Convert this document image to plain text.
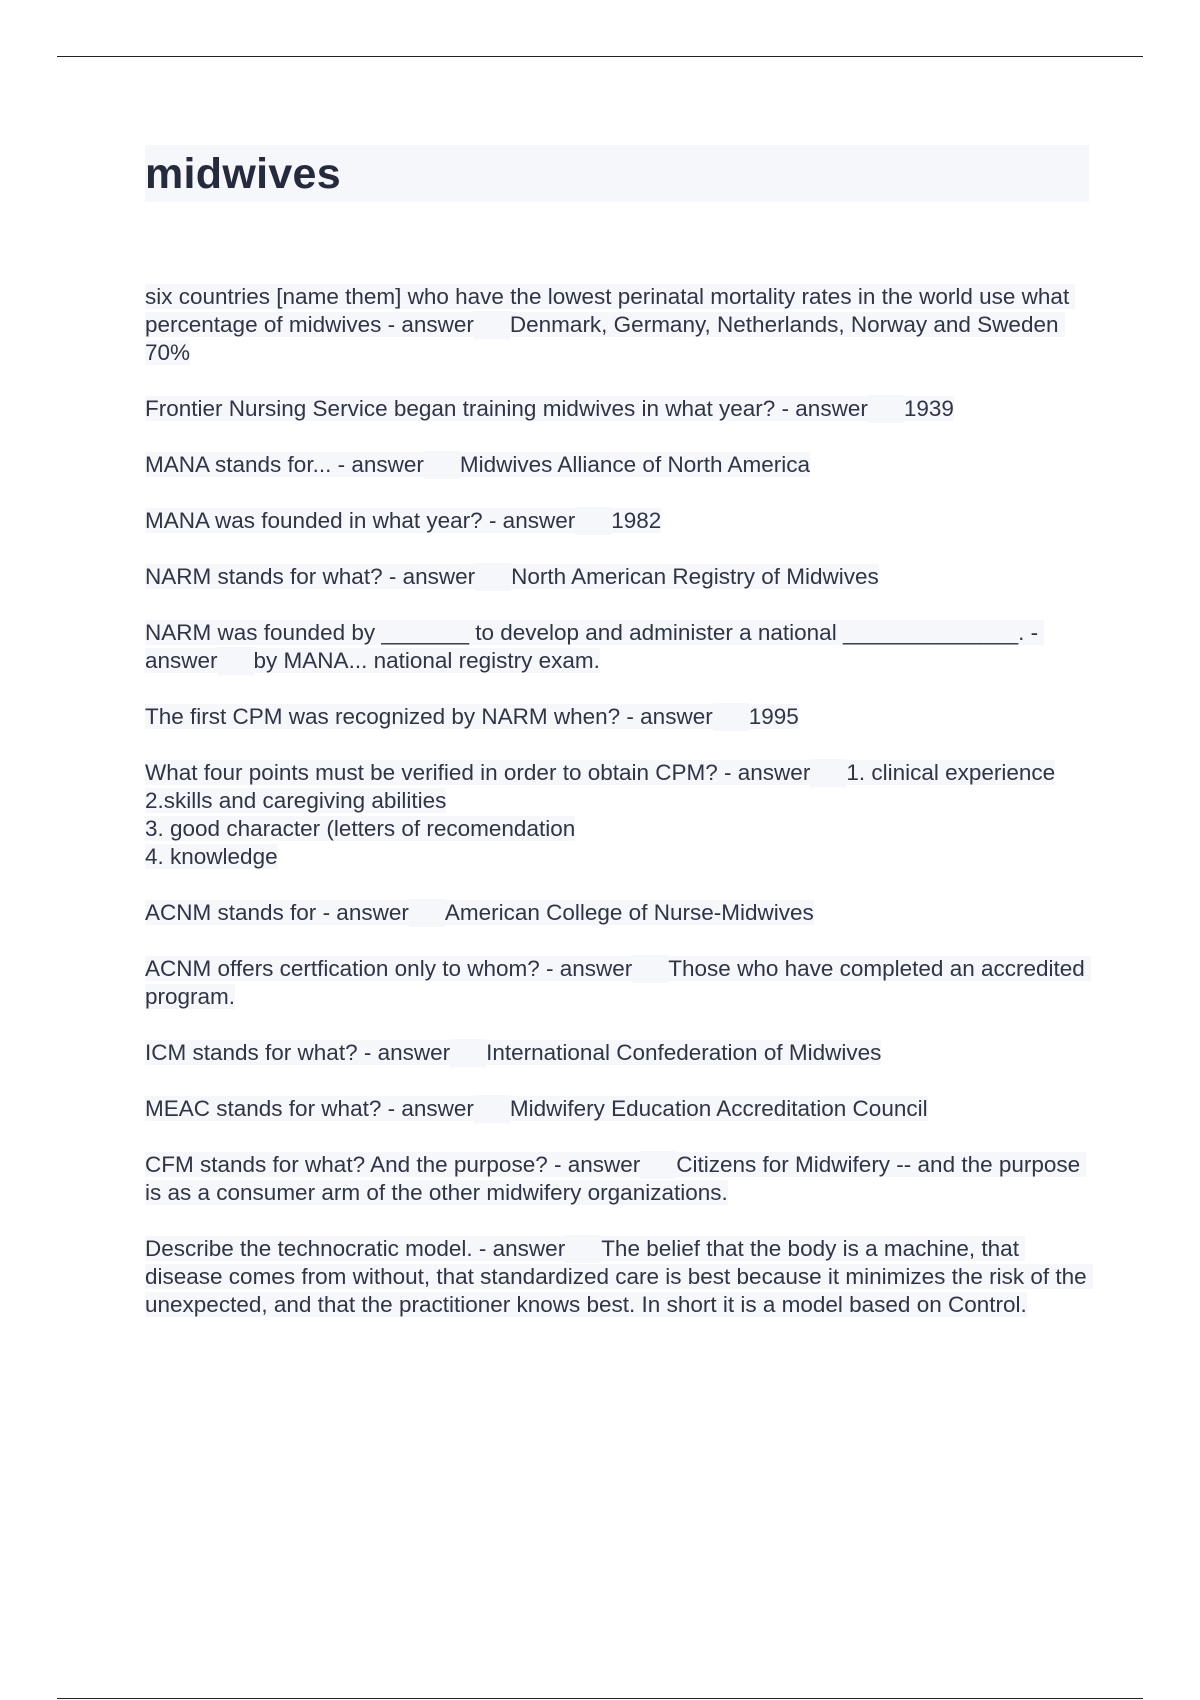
midwives

six countries [name them] who have the lowest perinatal mortality rates in the world use what percentage of midwives - answer Denmark, Germany, Netherlands, Norway and Sweden 70%

Frontier Nursing Service began training midwives in what year? - answer 1939

MANA stands for... - answer Midwives Alliance of North America

MANA was founded in what year? - answer 1982

NARM stands for what? - answer North American Registry of Midwives

NARM was founded by _______ to develop and administer a national ______________. - answer by MANA... national registry exam.

The first CPM was recognized by NARM when? - answer 1995

What four points must be verified in order to obtain CPM? - answer 1. clinical experience
2.skills and caregiving abilities
3. good character (letters of recomendation
4. knowledge

ACNM stands for - answer American College of Nurse-Midwives

ACNM offers certfication only to whom? - answer Those who have completed an accredited program.

ICM stands for what? - answer International Confederation of Midwives

MEAC stands for what? - answer Midwifery Education Accreditation Council

CFM stands for what? And the purpose? - answer Citizens for Midwifery -- and the purpose is as a consumer arm of the other midwifery organizations.

Describe the technocratic model. - answer The belief that the body is a machine, that disease comes from without, that standardized care is best because it minimizes the risk of the unexpected, and that the practitioner knows best. In short it is a model based on Control.
